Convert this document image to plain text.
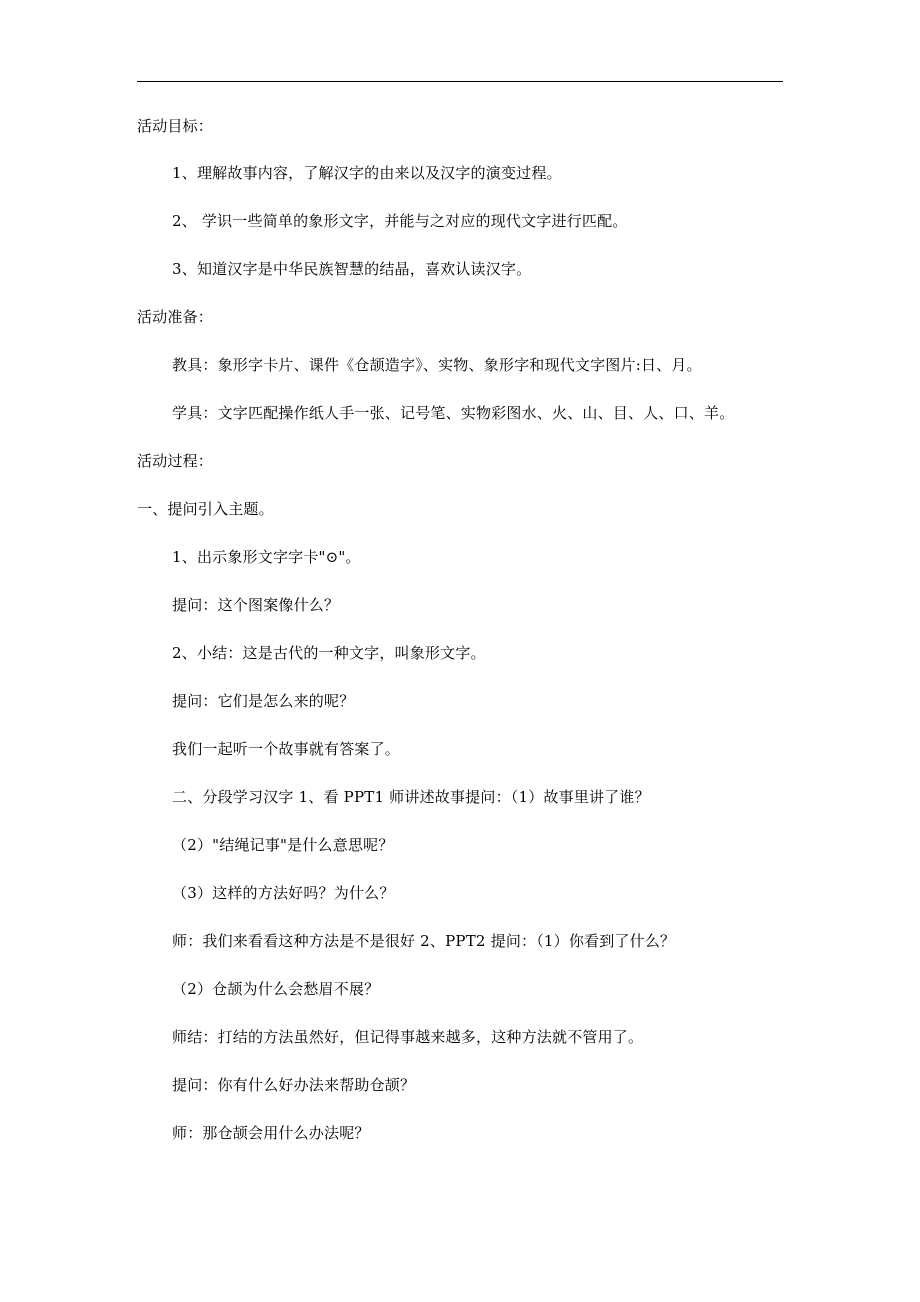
活动目标：
1、理解故事内容，了解汉字的由来以及汉字的演变过程。
2、 学识一些简单的象形文字，并能与之对应的现代文字进行匹配。
3、知道汉字是中华民族智慧的结晶，喜欢认读汉字。
活动准备：
教具：象形字卡片、课件《仓颉造字》、实物、象形字和现代文字图片:日、月。
学具：文字匹配操作纸人手一张、记号笔、实物彩图水、火、山、目、人、口、羊。
活动过程：
一、提问引入主题。
1、出示象形文字字卡"⊙"。
提问：这个图案像什么？
2、小结：这是古代的一种文字，叫象形文字。
提问：它们是怎么来的呢？
我们一起听一个故事就有答案了。
二、分段学习汉字 1、看 PPT1 师讲述故事提问：（1）故事里讲了谁？
（2）"结绳记事"是什么意思呢？
（3）这样的方法好吗？为什么？
师：我们来看看这种方法是不是很好 2、PPT2 提问：（1）你看到了什么？
（2）仓颉为什么会愁眉不展？
师结：打结的方法虽然好，但记得事越来越多，这种方法就不管用了。
提问：你有什么好办法来帮助仓颉？
师：那仓颉会用什么办法呢？
